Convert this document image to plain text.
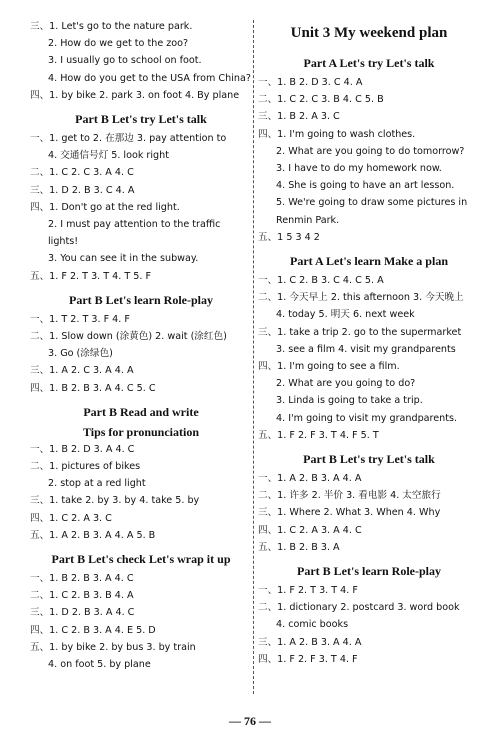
三、1. Let's go to the nature park.
2. How do we get to the zoo?
3. I usually go to school on foot.
4. How do you get to the USA from China?
四、1. by bike 2. park 3. on foot 4. By plane
Part B Let's try Let's talk
一、1. get to 2. 在那边 3. pay attention to
4. 交通信号灯 5. look right
二、1. C 2. C 3. A 4. C
三、1. D 2. B 3. C 4. A
四、1. Don't go at the red light.
2. I must pay attention to the traffic lights!
3. You can see it in the subway.
五、1. F 2. T 3. T 4. T 5. F
Part B Let's learn Role-play
一、1. T 2. T 3. F 4. F
二、1. Slow down (涂黄色) 2. wait (涂红色)
3. Go (涂绿色)
三、1. A 2. C 3. A 4. A
四、1. B 2. B 3. A 4. C 5. C
Part B Read and write
Tips for pronunciation
一、1. B 2. D 3. A 4. C
二、1. pictures of bikes
2. stop at a red light
三、1. take 2. by 3. by 4. take 5. by
四、1. C 2. A 3. C
五、1. A 2. B 3. A 4. A 5. B
Part B Let's check Let's wrap it up
一、1. B 2. B 3. A 4. C
二、1. C 2. B 3. B 4. A
三、1. D 2. B 3. A 4. C
四、1. C 2. B 3. A 4. E 5. D
五、1. by bike 2. by bus 3. by train
4. on foot 5. by plane
Unit 3 My weekend plan
Part A Let's try Let's talk
一、1. B 2. D 3. C 4. A
二、1. C 2. C 3. B 4. C 5. B
三、1. B 2. A 3. C
四、1. I'm going to wash clothes.
2. What are you going to do tomorrow?
3. I have to do my homework now.
4. She is going to have an art lesson.
5. We're going to draw some pictures in Renmin Park.
五、1 5 3 4 2
Part A Let's learn Make a plan
一、1. C 2. B 3. C 4. C 5. A
二、1. 今天早上 2. this afternoon 3. 今天晚上
4. today 5. 明天 6. next week
三、1. take a trip 2. go to the supermarket
3. see a film 4. visit my grandparents
四、1. I'm going to see a film.
2. What are you going to do?
3. Linda is going to take a trip.
4. I'm going to visit my grandparents.
五、1. F 2. F 3. T 4. F 5. T
Part B Let's try Let's talk
一、1. A 2. B 3. A 4. A
二、1. 许多 2. 半价 3. 看电影 4. 太空旅行
三、1. Where 2. What 3. When 4. Why
四、1. C 2. A 3. A 4. C
五、1. B 2. B 3. A
Part B Let's learn Role-play
一、1. F 2. T 3. T 4. F
二、1. dictionary 2. postcard 3. word book
4. comic books
三、1. A 2. B 3. A 4. A
四、1. F 2. F 3. T 4. F
— 76 —
